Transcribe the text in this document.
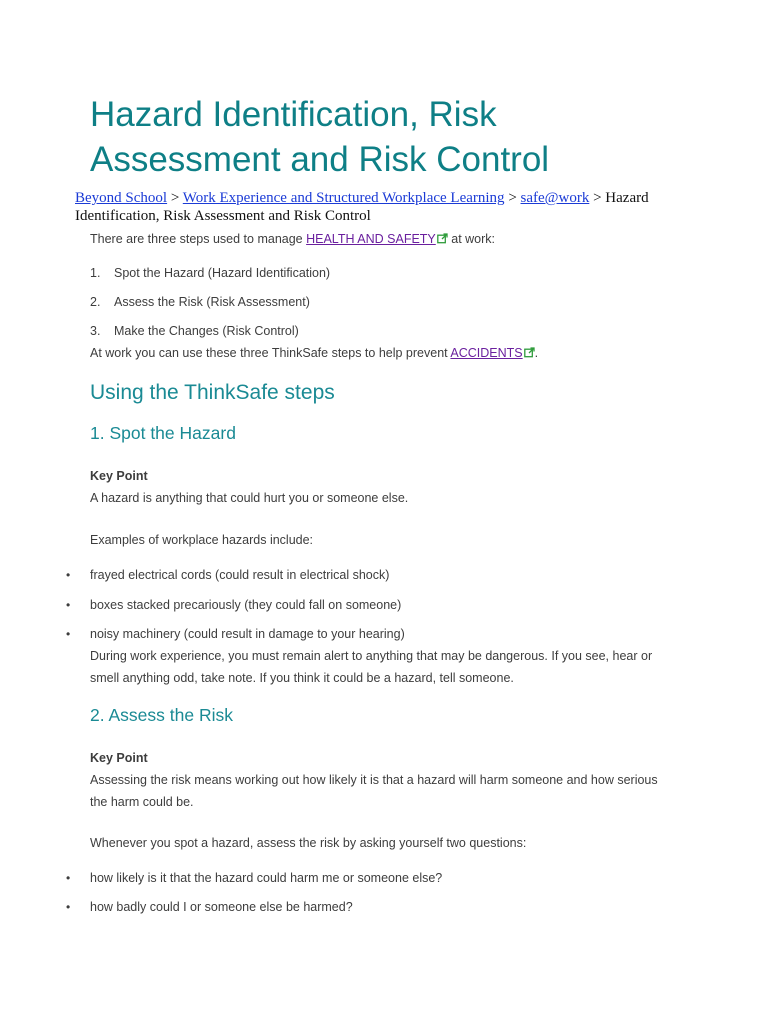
Hazard Identification, Risk Assessment and Risk Control
Beyond School > Work Experience and Structured Workplace Learning > safe@work > Hazard Identification, Risk Assessment and Risk Control

There are three steps used to manage HEALTH AND SAFETY at work:

1. Spot the Hazard (Hazard Identification)

2. Assess the Risk (Risk Assessment)

3. Make the Changes (Risk Control)

At work you can use these three ThinkSafe steps to help prevent ACCIDENTS .

Using the ThinkSafe steps
1. Spot the Hazard

Key Point

A hazard is anything that could hurt you or someone else.

Examples of workplace hazards include:

• frayed electrical cords (could result in electrical shock)

• boxes stacked precariously (they could fall on someone)

• noisy machinery (could result in damage to your hearing)

During work experience, you must remain alert to anything that may be dangerous. If you see, hear or smell anything odd, take note. If you think it could be a hazard, tell someone.

2. Assess the Risk

Key Point

Assessing the risk means working out how likely it is that a hazard will harm someone and how serious the harm could be.

Whenever you spot a hazard, assess the risk by asking yourself two questions:

• how likely is it that the hazard could harm me or someone else?

• how badly could I or someone else be harmed?
